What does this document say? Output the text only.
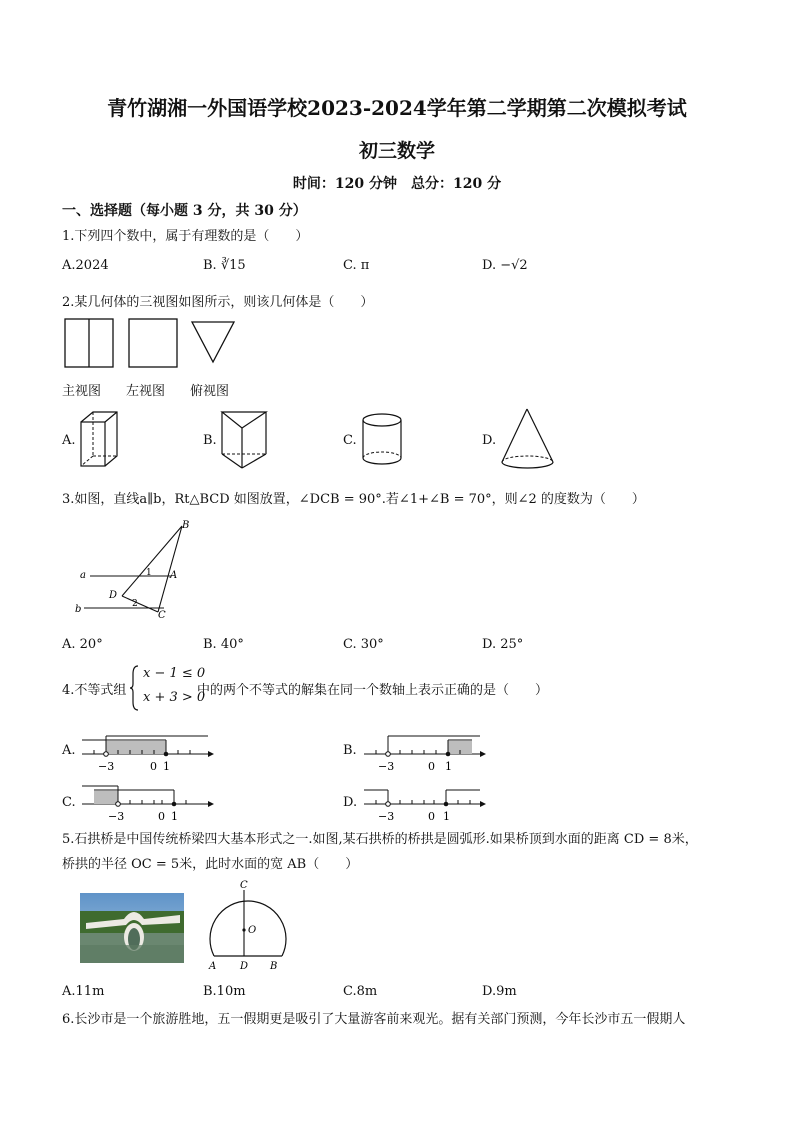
青竹湖湘一外国语学校2023-2024学年第二学期第二次模拟考试
初三数学
时间：120 分钟　总分：120 分
一、选择题（每小题 3 分，共 30 分）
1.下列四个数中，属于有理数的是（　　）
A.2024	B. ∛15	C. π	D. −√2
2.某几何体的三视图如图所示，则该几何体是（　　）
主视图 左视图 俯视图
A.	B.	C.	D.
3.如图，直线a∥b，Rt△BCD 如图放置，∠DCB = 90°.若∠1+∠B = 70°，则∠2 的度数为（　　）
B
a	1 A
D
b	2
C
A. 20°	B. 40°	C. 30°	D. 25°
4.不等式组
x − 1 ≤ 0
x + 3 > 0
中的两个不等式的解集在同一个数轴上表示正确的是（　　）
A.
−3	0 1
B.
−3	0 1
C.
−3	0 1
D.
−3	0 1
5.石拱桥是中国传统桥梁四大基本形式之一.如图,某石拱桥的桥拱是圆弧形.如果桥顶到水面的距离 CD = 8米，
桥拱的半径 OC = 5米，此时水面的宽 AB（　　）
C
O
A D B
A.11m	B.10m	C.8m	D.9m
6.长沙市是一个旅游胜地，五一假期更是吸引了大量游客前来观光。据有关部门预测，今年长沙市五一假期人
